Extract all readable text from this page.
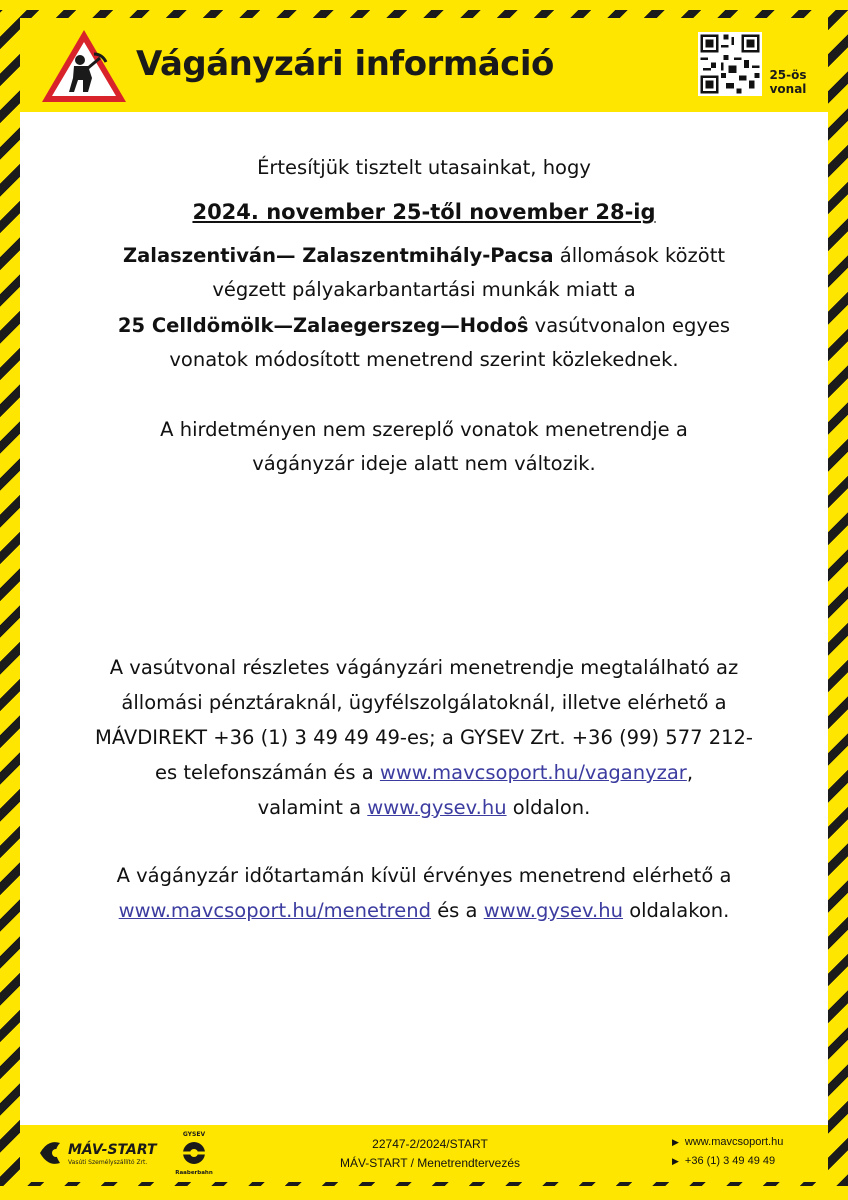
Vágányzári információ	25-ös
vonal
Értesítjük tisztelt utasainkat, hogy
2024. november 25-től november 28-ig
Zalaszentiván— Zalaszentmihály-Pacsa állomások között
végzett pályakarbantartási munkák miatt a
25 Celldömölk—Zalaegerszeg—Hodoŝ vasútvonalon egyes
vonatok módosított menetrend szerint közlekednek.
A hirdetményen nem szereplő vonatok menetrendje a
vágányzár ideje alatt nem változik.
A vasútvonal részletes vágányzári menetrendje megtalálható az
állomási pénztáraknál, ügyfélszolgálatoknál, illetve elérhető a
MÁVDIREKT +36 (1) 3 49 49 49-es; a GYSEV Zrt. +36 (99) 577 212-
es telefonszámán és a www.mavcsoport.hu/vaganyzar,
valamint a www.gysev.hu oldalon.
A vágányzár időtartamán kívül érvényes menetrend elérhető a
www.mavcsoport.hu/menetrend és a www.gysev.hu oldalakon.
MÁV-START
Vasúti Személyszállító Zrt.
GYSEV
Raaberbahn
22747-2/2024/START
MÁV-START / Menetrendtervezés
▶ www.mavcsoport.hu
▶ +36 (1) 3 49 49 49
